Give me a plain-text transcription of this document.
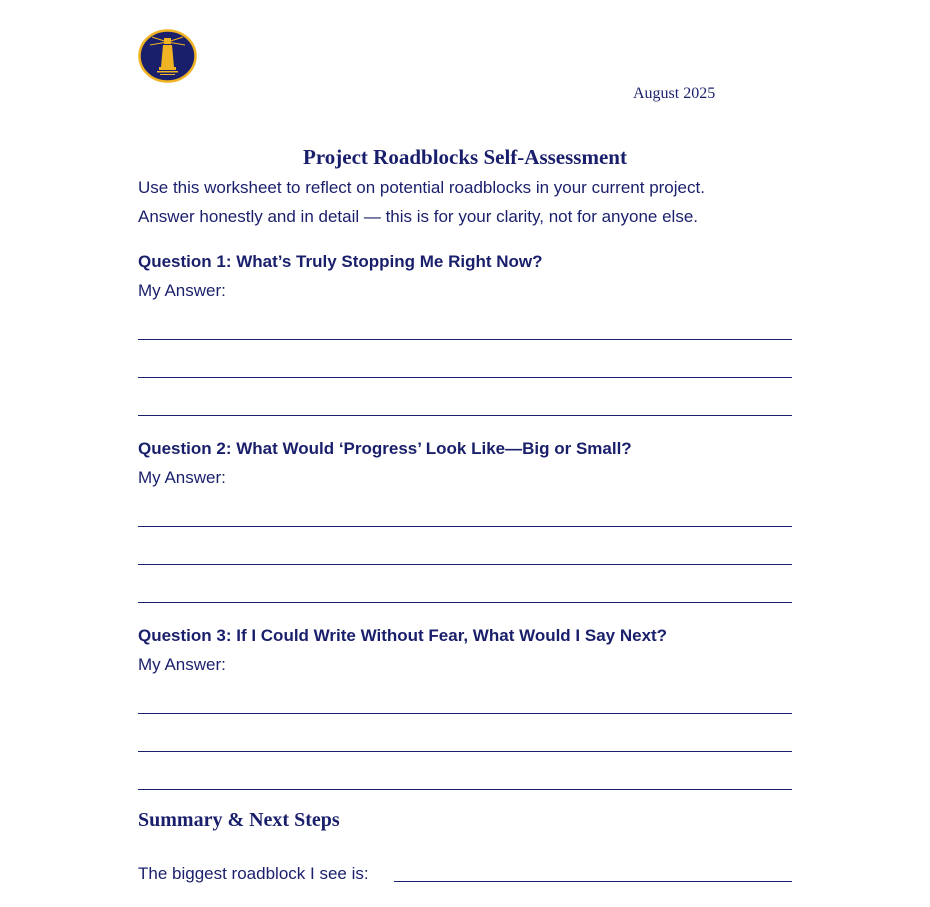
August 2025
Project Roadblocks Self-Assessment
Use this worksheet to reflect on potential roadblocks in your current project.
Answer honestly and in detail — this is for your clarity, not for anyone else.
Question 1: What’s Truly Stopping Me Right Now?
My Answer:
Question 2: What Would ‘Progress’ Look Like—Big or Small?
My Answer:
Question 3: If I Could Write Without Fear, What Would I Say Next?
My Answer:
Summary & Next Steps
The biggest roadblock I see is:
